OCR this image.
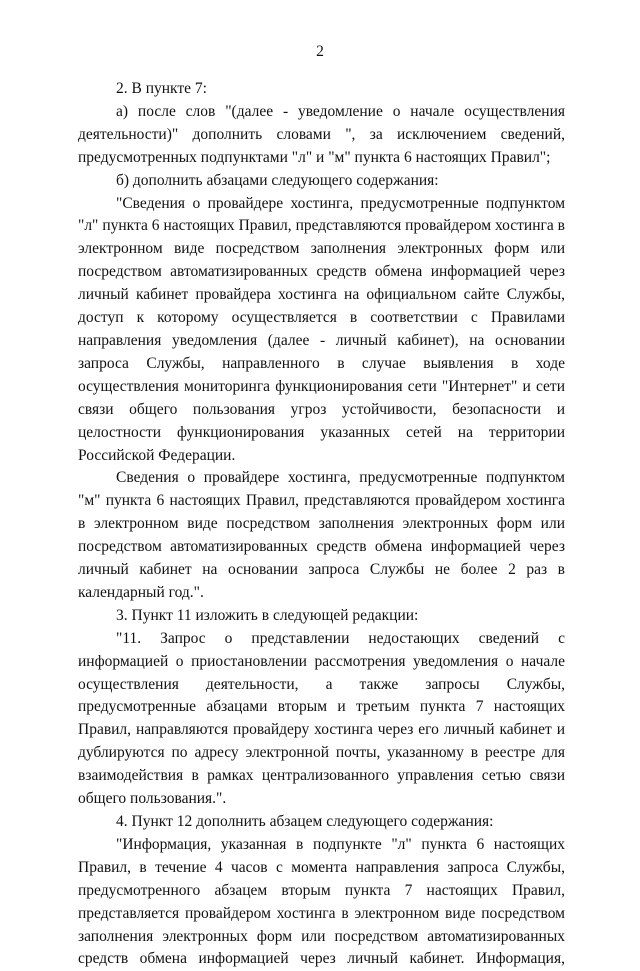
2

2. В пункте 7:

а) после слов "(далее - уведомление о начале осуществления деятельности)" дополнить словами ", за исключением сведений, предусмотренных подпунктами "л" и "м" пункта 6 настоящих Правил";

б) дополнить абзацами следующего содержания:

"Сведения о провайдере хостинга, предусмотренные подпунктом "л" пункта 6 настоящих Правил, представляются провайдером хостинга в электронном виде посредством заполнения электронных форм или посредством автоматизированных средств обмена информацией через личный кабинет провайдера хостинга на официальном сайте Службы, доступ к которому осуществляется в соответствии с Правилами направления уведомления (далее - личный кабинет), на основании запроса Службы, направленного в случае выявления в ходе осуществления мониторинга функционирования сети "Интернет" и сети связи общего пользования угроз устойчивости, безопасности и целостности функционирования указанных сетей на территории Российской Федерации.

Сведения о провайдере хостинга, предусмотренные подпунктом "м" пункта 6 настоящих Правил, представляются провайдером хостинга в электронном виде посредством заполнения электронных форм или посредством автоматизированных средств обмена информацией через личный кабинет на основании запроса Службы не более 2 раз в календарный год.".

3. Пункт 11 изложить в следующей редакции:

"11. Запрос о представлении недостающих сведений с информацией о приостановлении рассмотрения уведомления о начале осуществления деятельности, а также запросы Службы, предусмотренные абзацами вторым и третьим пункта 7 настоящих Правил, направляются провайдеру хостинга через его личный кабинет и дублируются по адресу электронной почты, указанному в реестре для взаимодействия в рамках централизованного управления сетью связи общего пользования.".

4. Пункт 12 дополнить абзацем следующего содержания:

"Информация, указанная в подпункте "л" пункта 6 настоящих Правил, в течение 4 часов с момента направления запроса Службы, предусмотренного абзацем вторым пункта 7 настоящих Правил, представляется провайдером хостинга в электронном виде посредством заполнения электронных форм или посредством автоматизированных средств обмена информацией через личный кабинет. Информация,
